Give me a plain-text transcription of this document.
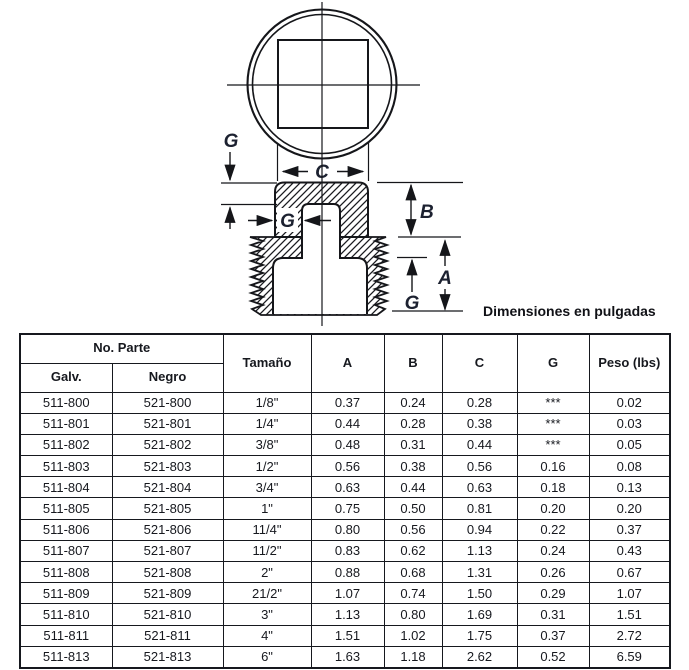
C
G
G	B
A
G	Dimensiones en pulgadas
No. Parte		Tamaño	A	B	C	G	Peso (lbs)
Galv.	Negro						
511-800	521-800	1/8"	0.37	0.24	0.28	***	0.02
511-801	521-801	1/4"	0.44	0.28	0.38	***	0.03
511-802	521-802	3/8"	0.48	0.31	0.44	***	0.05
511-803	521-803	1/2"	0.56	0.38	0.56	0.16	0.08
511-804	521-804	3/4"	0.63	0.44	0.63	0.18	0.13
511-805	521-805	1"	0.75	0.50	0.81	0.20	0.20
511-806	521-806	11/4"	0.80	0.56	0.94	0.22	0.37
511-807	521-807	11/2"	0.83	0.62	1.13	0.24	0.43
511-808	521-808	2"	0.88	0.68	1.31	0.26	0.67
511-809	521-809	21/2"	1.07	0.74	1.50	0.29	1.07
511-810	521-810	3"	1.13	0.80	1.69	0.31	1.51
511-811	521-811	4"	1.51	1.02	1.75	0.37	2.72
511-813	521-813	6"	1.63	1.18	2.62	0.52	6.59
